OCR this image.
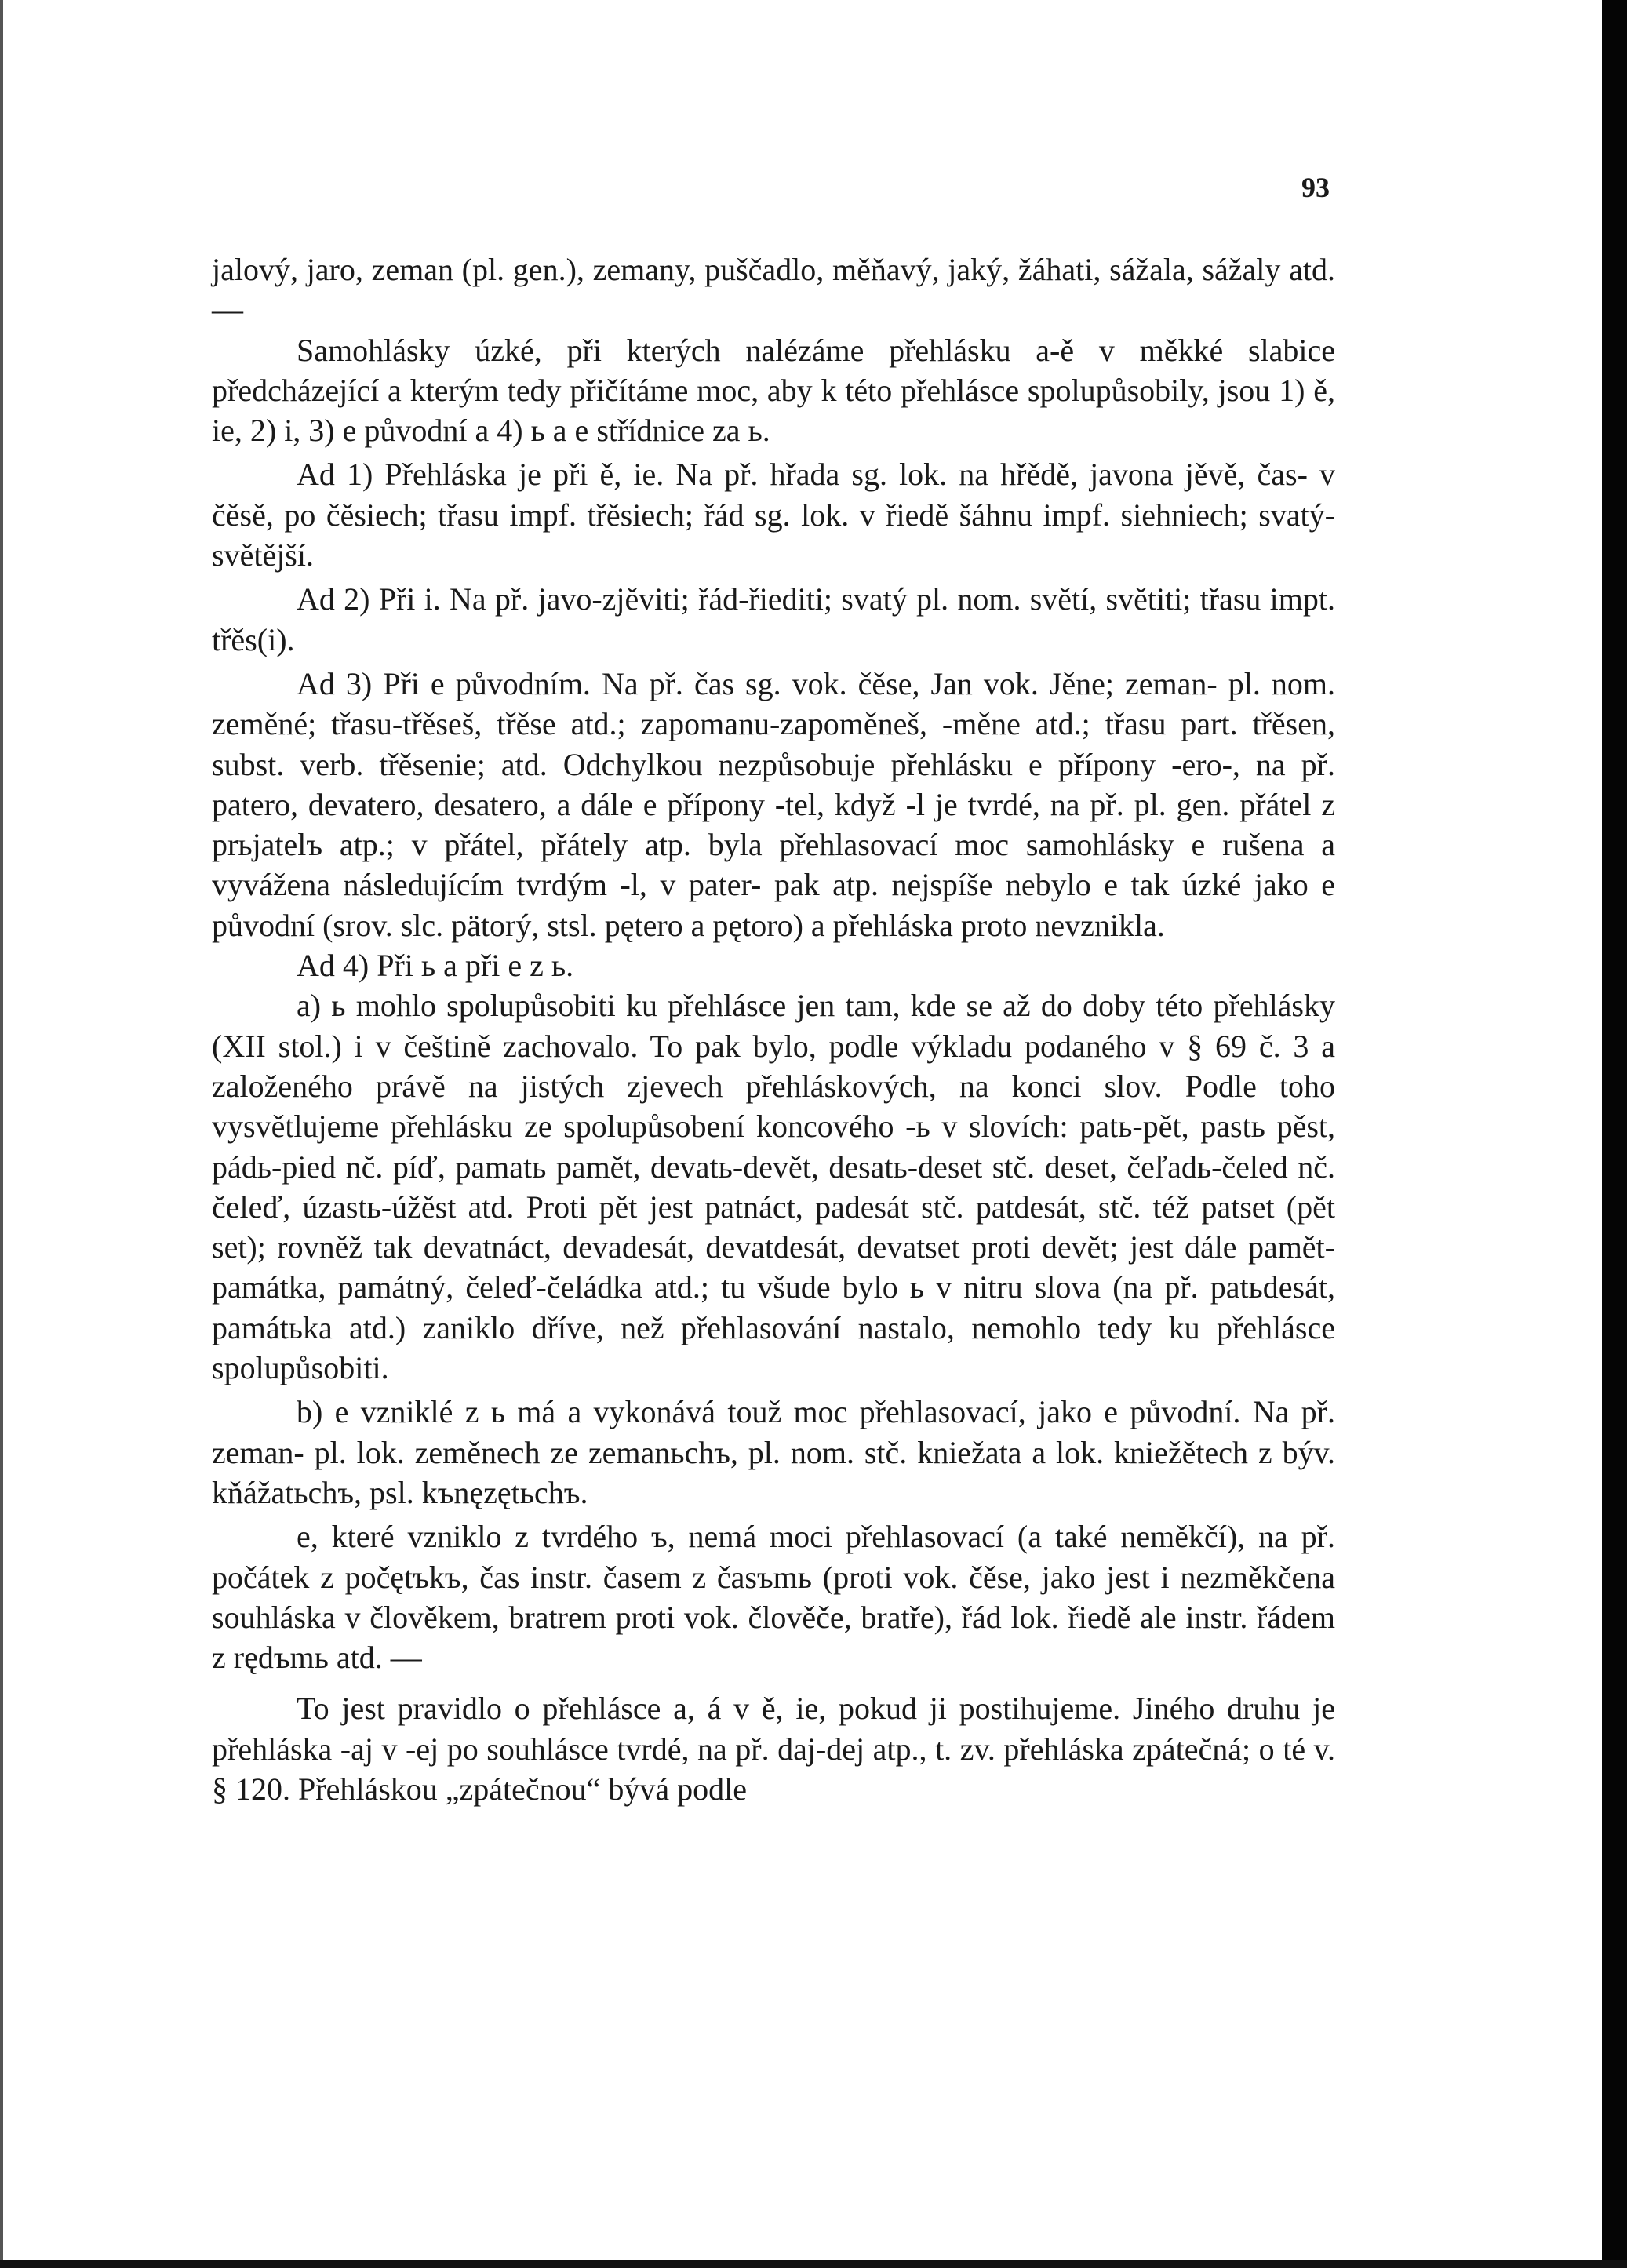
93

jalový, jaro, zeman (pl. gen.), zemany, puščadlo, měňavý, jaký, žáhati, sážala, sážaly atd. —

Samohlásky úzké, při kterých nalézáme přehlásku a-ě v měkké slabice předcházející a kterým tedy přičítáme moc, aby k této přehlásce spolupůsobily, jsou 1) ě, ie, 2) i, 3) e původní a 4) ь a e střídnice za ь.

Ad 1) Přehláska je při ě, ie. Na př. hřada sg. lok. na hřědě, javona jěvě, čas- v čěsě, po čěsiech; třasu impf. třěsiech; řád sg. lok. v řiedě šáhnu impf. siehniech; svatý-světější.

Ad 2) Při i. Na př. javo-zjěviti; řád-řiediti; svatý pl. nom. světí, světiti; třasu impt. třěs(i).

Ad 3) Při e původním. Na př. čas sg. vok. čěse, Jan vok. Jěne; zeman- pl. nom. zeměné; třasu-třěseš, třěse atd.; zapomanu-zapoměneš, -měne atd.; třasu part. třěsen, subst. verb. třěsenie; atd. Odchylkou nezpůsobuje přehlásku e přípony -ero-, na př. patero, devatero, desatero, a dále e přípony -tel, když -l je tvrdé, na př. pl. gen. přátel z prьjatelъ atp.; v přátel, přátely atp. byla přehlasovací moc samohlásky e rušena a vyvážena následujícím tvrdým -l, v pater- pak atp. nejspíše nebylo e tak úzké jako e původní (srov. slc. pätorý, stsl. pętero a pętoro) a přehláska proto nevznikla.

Ad 4) Při ь a při e z ь.

a) ь mohlo spolupůsobiti ku přehlásce jen tam, kde se až do doby této přehlásky (XII stol.) i v češtině zachovalo. To pak bylo, podle výkladu podaného v § 69 č. 3 a založeného právě na jistých zjevech přehláskových, na konci slov. Podle toho vysvětlujeme přehlásku ze spolupůsobení koncového -ь v slovích: pаtь-pět, раstь pěst, pádь-pied nč. píď, pamatь pamět, devatь-devět, desatь-deset stč. deset, čeľadь-čeled nč. čeleď, úzastь-úžěst atd. Proti pět jest patnáct, padesát stč. patdesát, stč. též patset (pět set); rovněž tak devatnáct, devadesát, devatdesát, devatset proti devět; jest dále pamět-památka, památný, čeleď-čeládka atd.; tu všude bylo ь v nitru slova (na př. patьdesát, památьka atd.) zaniklo dříve, než přehlasování nastalo, nemohlo tedy ku přehlásce spolupůsobiti.

b) e vzniklé z ь má a vykonává touž moc přehlasovací, jako e původní. Na př. zeman- pl. lok. zeměnech ze zemanьchъ, pl. nom. stč. kniežata a lok. kniežětech z býv. kňážatьchъ, psl. kъnęzętьchъ.

e, které vzniklo z tvrdého ъ, nemá moci přehlasovací (a také neměkčí), na př. počátek z počętъkъ, čas instr. časem z časъmь (proti vok. čěse, jako jest i nezměkčena souhláska v člověkem, bratrem proti vok. člověče, bratře), řád lok. řiedě ale instr. řádem z rędъmь atd. —

To jest pravidlo o přehlásce a, á v ě, ie, pokud ji postihujeme. Jiného druhu je přehláska -aj v -ej po souhlásce tvrdé, na př. daj-dej atp., t. zv. přehláska zpátečná; o té v. § 120. Přehláskou „zpátečnou“ bývá podle
